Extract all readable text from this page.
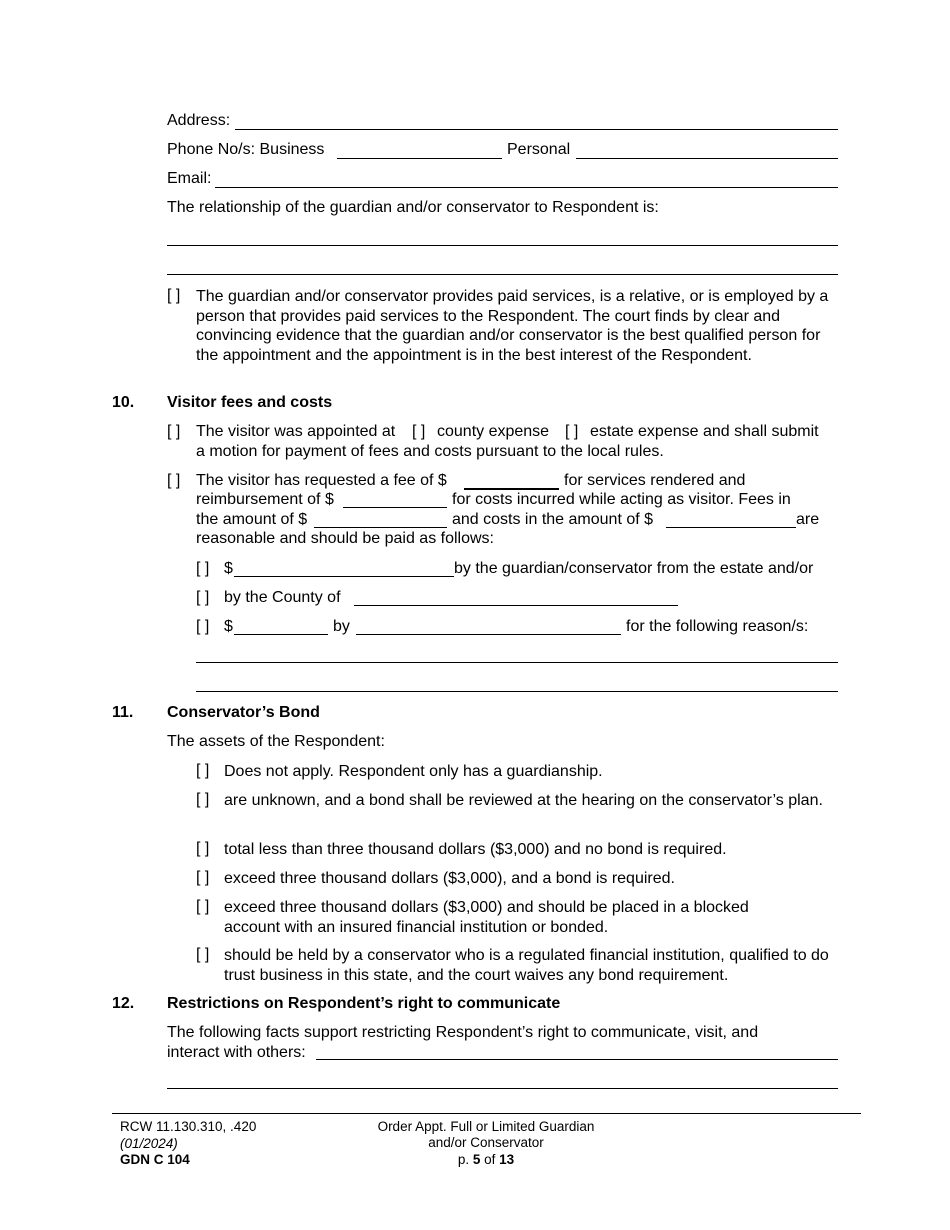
Address:
Phone No/s: Business	Personal
Email:
The relationship of the guardian and/or conservator to Respondent is:
[ ] The guardian and/or conservator provides paid services, is a relative, or is employed by a person that provides paid services to the Respondent. The court finds by clear and convincing evidence that the guardian and/or conservator is the best qualified person for the appointment and the appointment is in the best interest of the Respondent.
10. Visitor fees and costs
[ ] The visitor was appointed at [ ] county expense [ ] estate expense and shall submit
a motion for payment of fees and costs pursuant to the local rules.
[ ] The visitor has requested a fee of $	for services rendered and
reimbursement of $	for costs incurred while acting as visitor. Fees in
the amount of $	and costs in the amount of $	are
reasonable and should be paid as follows:
[ ] $	by the guardian/conservator from the estate and/or
[ ] by the County of
[ ] $	by	for the following reason/s:
11. Conservator’s Bond
The assets of the Respondent:
[ ] Does not apply. Respondent only has a guardianship.
[ ] are unknown, and a bond shall be reviewed at the hearing on the conservator’s plan.
[ ] total less than three thousand dollars ($3,000) and no bond is required.
[ ] exceed three thousand dollars ($3,000), and a bond is required.
[ ] exceed three thousand dollars ($3,000) and should be placed in a blocked account with an insured financial institution or bonded.
[ ] should be held by a conservator who is a regulated financial institution, qualified to do trust business in this state, and the court waives any bond requirement.
12. Restrictions on Respondent’s right to communicate
The following facts support restricting Respondent’s right to communicate, visit, and
interact with others:
RCW 11.130.310, .420
(01/2024)
GDN C 104
Order Appt. Full or Limited Guardian
and/or Conservator
p. 5 of 13
